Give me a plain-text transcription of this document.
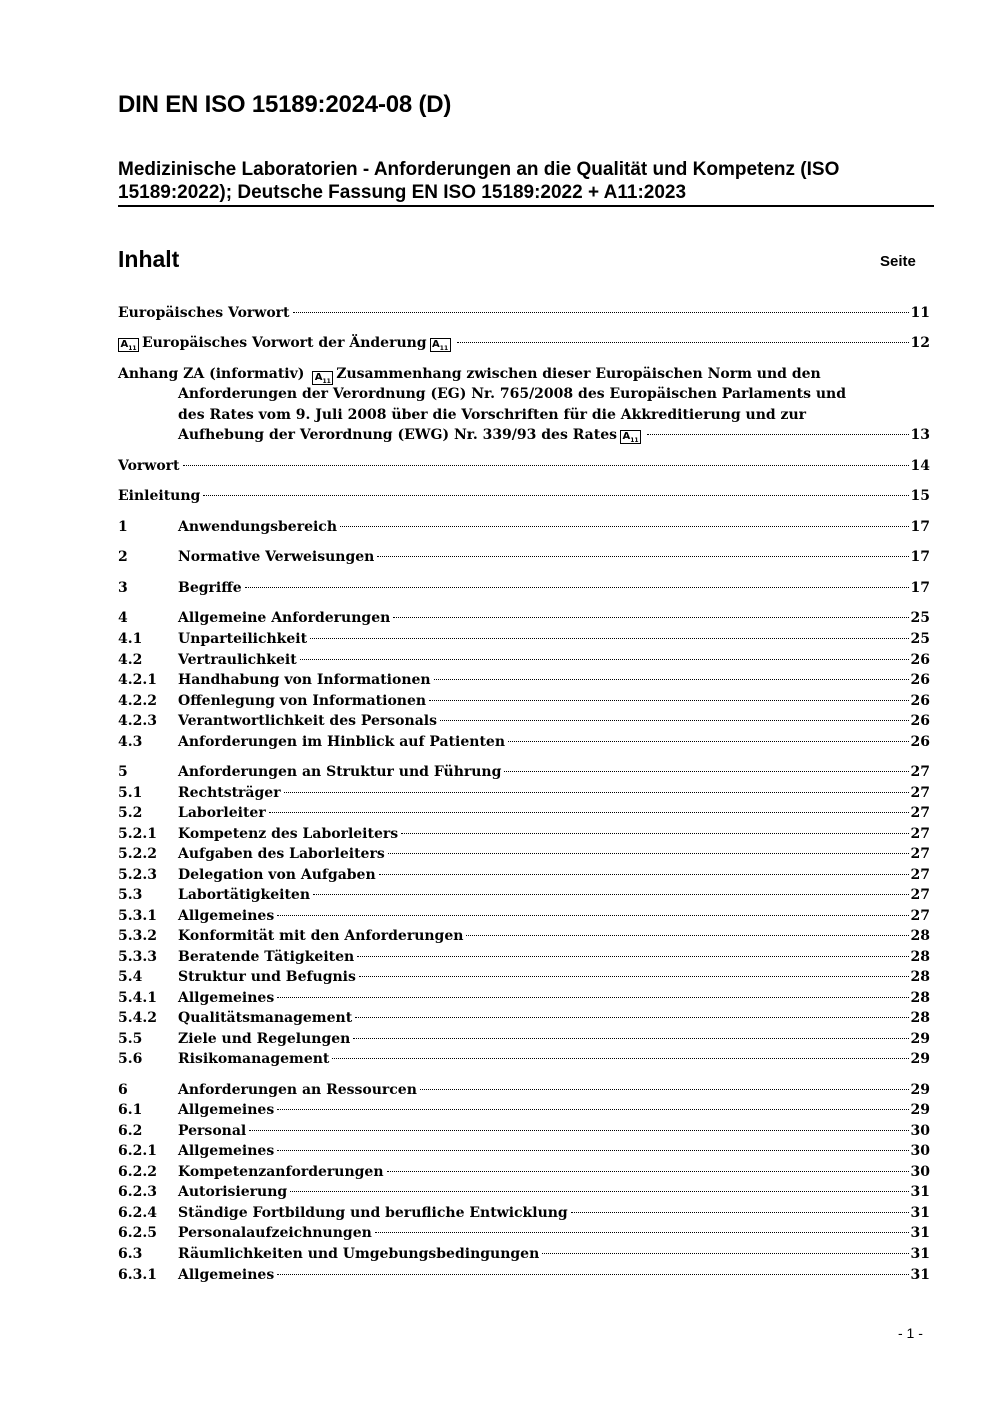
DIN EN ISO 15189:2024-08 (D)

Medizinische Laboratorien - Anforderungen an die Qualität und Kompetenz (ISO
15189:2022); Deutsche Fassung EN ISO 15189:2022 + A11:2023

Inhalt	Seite
Anhang ZA (informativ) $A_{11}$ Zusammenhang zwischen dieser Europäischen Norm und den
Anforderungen der Verordnung (EG) Nr. 765/2008 des Europäischen Parlaments und
des Rates vom 9. Juli 2008 über die Vorschriften für die Akkreditierung und zur
Aufhebung der Verordnung (EWG) Nr. 339/93 des Rates $A_{11}$	13
Europäisches Vorwort	11
$A_{11}$ Europäisches Vorwort der Änderung $A_{11}$	12
Vorwort	14
Einleitung	15
1	Anwendungsbereich	17
2	Normative Verweisungen	17
3	Begriffe	17
4	Allgemeine Anforderungen	25
4.1	Unparteilichkeit	25
4.2	Vertraulichkeit	26
4.2.1 Handhabung von Informationen	26
4.2.2 Offenlegung von Informationen	26
4.2.3 Verantwortlichkeit des Personals	26
4.3	Anforderungen im Hinblick auf Patienten	26
5	Anforderungen an Struktur und Führung	27
5.1	Rechtsträger	27
5.2	Laborleiter	27
5.2.1 Kompetenz des Laborleiters	27
5.2.2 Aufgaben des Laborleiters	27
5.2.3 Delegation von Aufgaben	27
5.3	Labortätigkeiten	27
5.3.1 Allgemeines	27
5.3.2 Konformität mit den Anforderungen	28
5.3.3 Beratende Tätigkeiten	28
5.4	Struktur und Befugnis	28
5.4.1 Allgemeines	28
5.4.2 Qualitätsmanagement	28
5.5	Ziele und Regelungen	29
5.6	Risikomanagement	29
6	Anforderungen an Ressourcen	29
6.1	Allgemeines	29
6.2	Personal	30
6.2.1 Allgemeines	30
6.2.2 Kompetenzanforderungen	30
6.2.3 Autorisierung	31
6.2.4 Ständige Fortbildung und berufliche Entwicklung	31
6.2.5 Personalaufzeichnungen	31
6.3	Räumlichkeiten und Umgebungsbedingungen	31
6.3.1 Allgemeines	31
- 1 -
